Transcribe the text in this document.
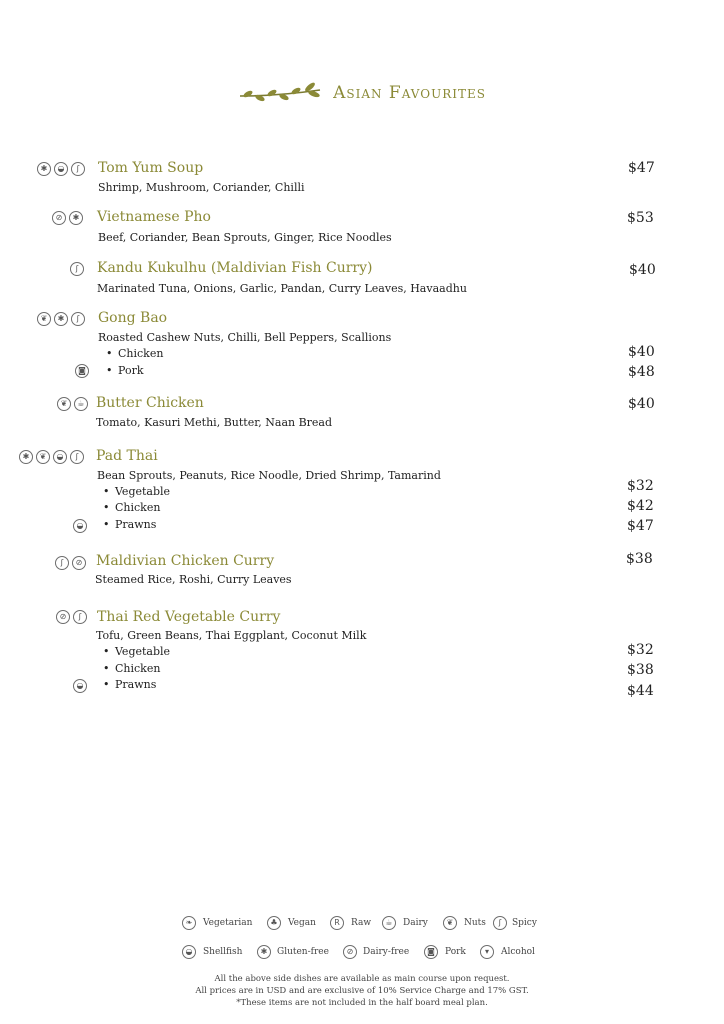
Asian Favourites
✱	◒	ʃ	Tom Yum Soup	$47
Shrimp, Mushroom, Coriander, Chilli
⊘	✱ Vietnamese Pho	$53
Beef, Coriander, Bean Sprouts, Ginger, Rice Noodles
ʃ	Kandu Kukulhu (Maldivian Fish Curry)	$40
Marinated Tuna, Onions, Garlic, Pandan, Curry Leaves, Havaadhu
❦	✱	ʃ	Gong Bao
Roasted Cashew Nuts, Chilli, Bell Peppers, Scallions
• Chicken	$40
◙	• Pork	$48
❦	☕ Butter Chicken	$40
Tomato, Kasuri Methi, Butter, Naan Bread
✱	❦	◒	ʃ	Pad Thai
Bean Sprouts, Peanuts, Rice Noodle, Dried Shrimp, Tamarind
• Vegetable	$32
• Chicken	$42
◒	• Prawns	$47
ʃ	⊘ Maldivian Chicken Curry	$38
Steamed Rice, Roshi, Curry Leaves
⊘	ʃ	Thai Red Vegetable Curry
Tofu, Green Beans, Thai Eggplant, Coconut Milk
• Vegetable	$32
• Chicken	$38
◒	• Prawns	$44
❧	Vegetarian	♣	Vegan	R	Raw	☕	Dairy	❦	Nuts	ʃ	Spicy
◒	Shellfish	✱	Gluten-free	⊘	Dairy-free	◙	Pork	▾	Alcohol
All the above side dishes are available as main course upon request.
All prices are in USD and are exclusive of 10% Service Charge and 17% GST.
*These items are not included in the half board meal plan.
